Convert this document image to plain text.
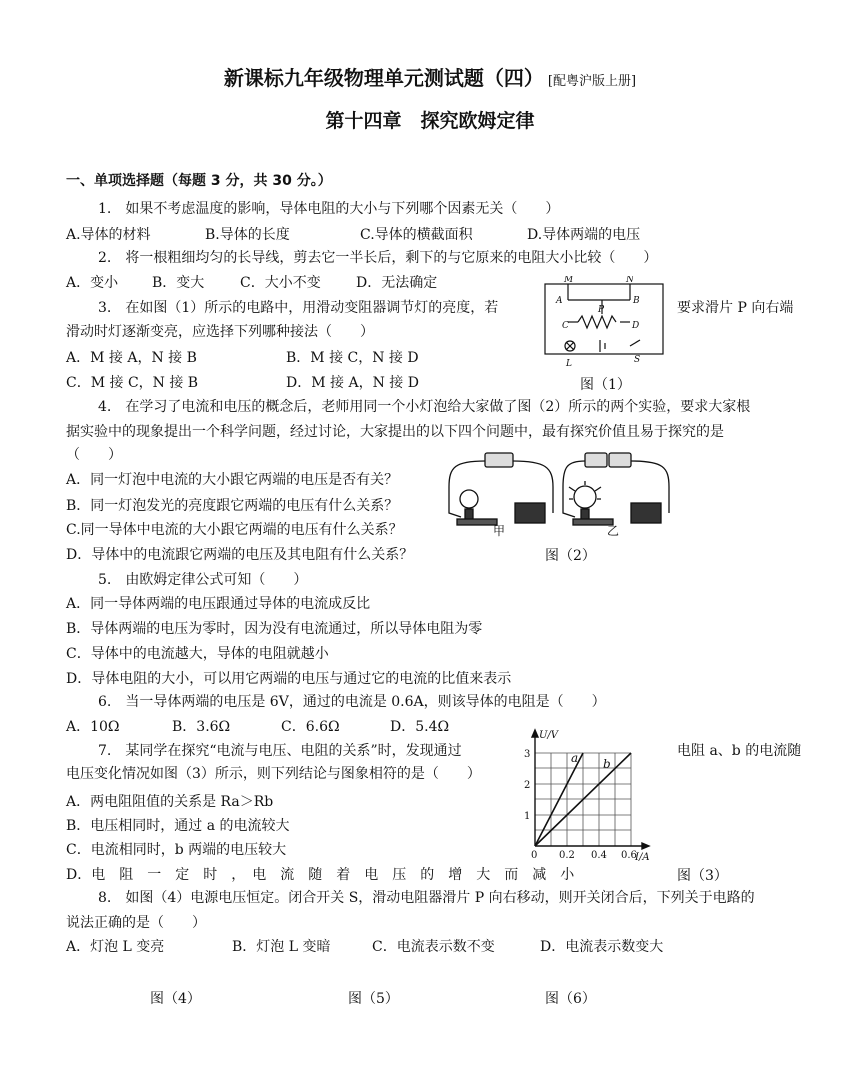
新课标九年级物理单元测试题（四） [配粤沪版上册]
第十四章　探究欧姆定律
一、单项选择题（每题 3 分，共 30 分。）
1.　如果不考虑温度的影响，导体电阻的大小与下列哪个因素无关（　　）
A.导体的材料	B.导体的长度	C.导体的横截面积	D.导体两端的电压
2.　将一根粗细均匀的长导线，剪去它一半长后，剩下的与它原来的电阻大小比较（　　）
A．变小 B．变大	C．大小不变	D．无法确定
3.　在如图（1）所示的电路中，用滑动变阻器调节灯的亮度，若	要求滑片 P 向右端
滑动时灯逐渐变亮，应选择下列哪种接法（　　）
A．M 接 A，N 接 B	B．M 接 C，N 接 D
C．M 接 C，N 接 B	D．M 接 A，N 接 D	图（1）
M	N
A	B
P
C	D
L	S
4.　在学习了电流和电压的概念后，老师用同一个小灯泡给大家做了图（2）所示的两个实验，要求大家根
据实验中的现象提出一个科学问题，经过讨论，大家提出的以下四个问题中，最有探究价值且易于探究的是
（　　）
A．同一灯泡中电流的大小跟它两端的电压是否有关？
B．同一灯泡发光的亮度跟它两端的电压有什么关系？
C.同一导体中电流的大小跟它两端的电压有什么关系？
D．导体中的电流跟它两端的电压及其电阻有什么关系？	图（2）
甲	乙
5.　由欧姆定律公式可知（　　）
A．同一导体两端的电压跟通过导体的电流成反比
B．导体两端的电压为零时，因为没有电流通过，所以导体电阻为零
C．导体中的电流越大，导体的电阻就越小
D．导体电阻的大小，可以用它两端的电压与通过它的电流的比值来表示
6.　当一导体两端的电压是 6V，通过的电流是 0.6A，则该导体的电阻是（　　）
A．10Ω	B．3.6Ω	C．6.6Ω	D．5.4Ω
7.　某同学在探究“电流与电压、电阻的关系”时，发现通过	电阻 a、b 的电流随
电压变化情况如图（3）所示，则下列结论与图象相符的是（　　）
A．两电阻阻值的关系是 Ra＞Rb
B．电压相同时，通过 a 的电流较大
C．电流相同时，b 两端的电压较大
D．电　阻　一　定　时　，　电　流　随　着　电　压　的　增　大　而　减　小	图（3）
U/V
I/A
3
2
1
0 0.2 0.4 0.6
a b
8.　如图（4）电源电压恒定。闭合开关 S，滑动电阻器滑片 P 向右移动，则开关闭合后，下列关于电路的
说法正确的是（　　）
A．灯泡 L 变亮	B．灯泡 L 变暗	C．电流表示数不变	D．电流表示数变大
图（4）	图（5）	图（6）
